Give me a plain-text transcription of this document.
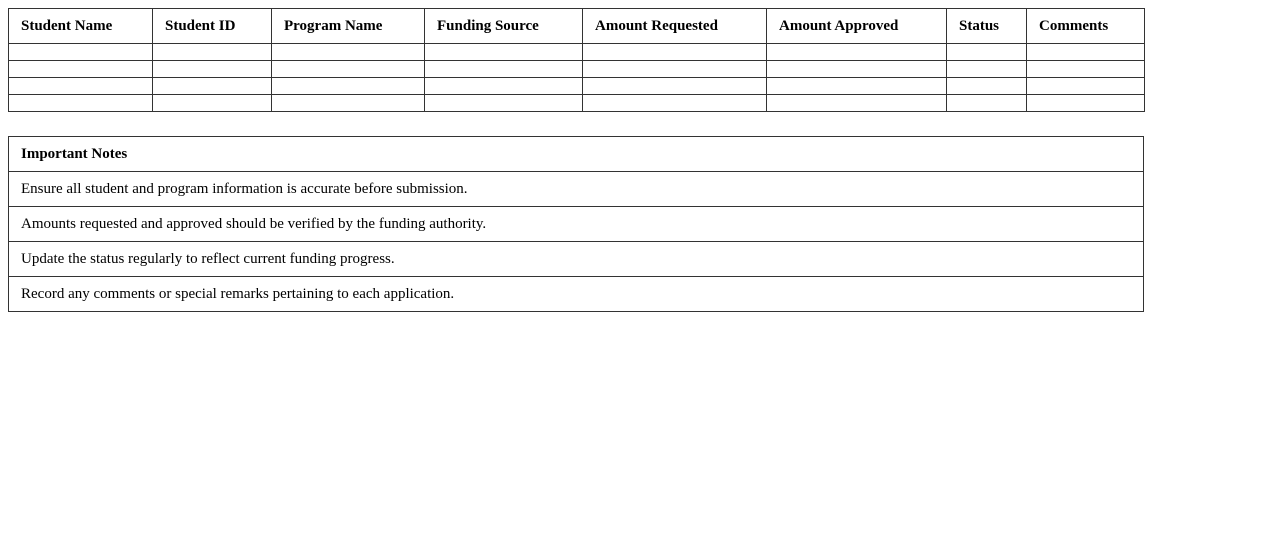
Student Name	Student ID	Program Name	Funding Source	Amount Requested	Amount Approved	Status	Comments

Important Notes
Ensure all student and program information is accurate before submission.
Amounts requested and approved should be verified by the funding authority.
Update the status regularly to reflect current funding progress.
Record any comments or special remarks pertaining to each application.
